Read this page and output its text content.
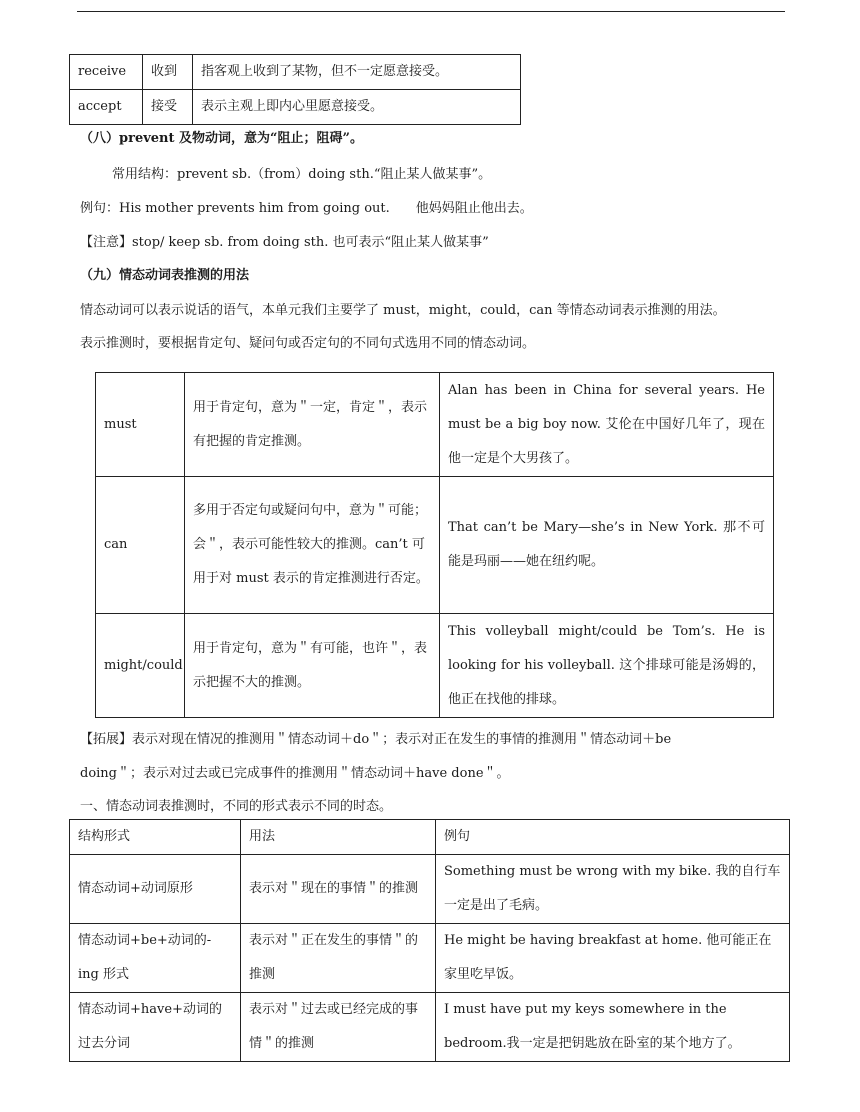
receive	收到	指客观上收到了某物，但不一定愿意接受。
accept	接受	表示主观上即内心里愿意接受。
（八）prevent 及物动词，意为“阻止；阻碍”。
常用结构：prevent sb.（from）doing sth.“阻止某人做某事”。
例句：His mother prevents him from going out.　　他妈妈阻止他出去。
【注意】stop/ keep sb. from doing sth. 也可表示“阻止某人做某事”
（九）情态动词表推测的用法
情态动词可以表示说话的语气，本单元我们主要学了 must，might，could，can 等情态动词表示推测的用法。
表示推测时，要根据肯定句、疑问句或否定句的不同句式选用不同的情态动词。
must	用于肯定句，意为＂一定，肯定＂，表示有把握的肯定推测。	Alan has been in China for several years. He must be a big boy now. 艾伦在中国好几年了，现在他一定是个大男孩了。
can	多用于否定句或疑问句中，意为＂可能；会＂，表示可能性较大的推测。can’t 可用于对 must 表示的肯定推测进行否定。	That can’t be Mary—she’s in New York. 那不可能是玛丽——她在纽约呢。
might/could	用于肯定句，意为＂有可能，也许＂，表示把握不大的推测。	This volleyball might/could be Tom’s. He is looking for his volleyball. 这个排球可能是汤姆的，他正在找他的排球。
【拓展】表示对现在情况的推测用＂情态动词＋do＂；表示对正在发生的事情的推测用＂情态动词＋be
doing＂；表示对过去或已完成事件的推测用＂情态动词＋have done＂。
一、情态动词表推测时，不同的形式表示不同的时态。
结构形式	用法	例句
情态动词+动词原形	表示对＂现在的事情＂的推测	Something must be wrong with my bike. 我的自行车一定是出了毛病。
情态动词+be+动词的-ing 形式	表示对＂正在发生的事情＂的推测	He might be having breakfast at home. 他可能正在家里吃早饭。
情态动词+have+动词的过去分词	表示对＂过去或已经完成的事情＂的推测	I must have put my keys somewhere in the bedroom.我一定是把钥匙放在卧室的某个地方了。
